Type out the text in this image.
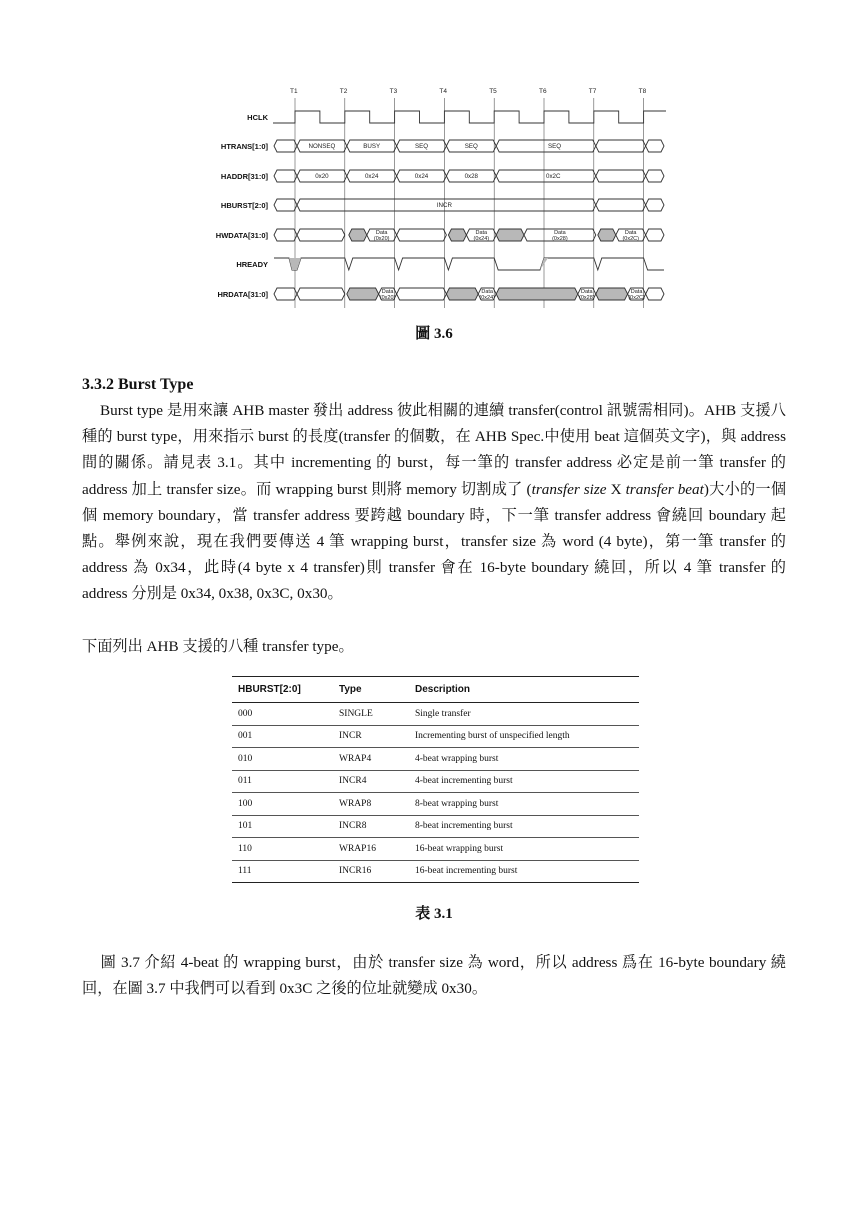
T1	T2	T3	T4	T5	T6	T7	T8
HCLK
HTRANS[1:0]
HADDR[31:0]
HBURST[2:0]
HWDATA[31:0]
HREADY
HRDATA[31:0]
NONSEQ	BUSY	SEQ	SEQ	SEQ
0x20	0x24	0x24	0x28	0x2C
INCR
Data
(0x20)
Data
(0x24)
Data
(0x28)
Data
(0x2C)
Data
(0x20)
Data
(0x24)
Data
(0x28)
Data
(0x2C)
圖 3.6
3.3.2 Burst Type

Burst type 是用來讓 AHB master 發出 address 彼此相關的連續 transfer(control 訊號需相同)。AHB 支援八種的 burst type，用來指示 burst 的長度(transfer 的個數，在 AHB Spec.中使用 beat 這個英文字)，與 address 間的關係。請見表 3.1。其中 incrementing 的 burst，每一筆的 transfer address 必定是前一筆 transfer 的 address 加上 transfer size。而 wrapping burst 則將 memory 切割成了 (transfer size X transfer beat)大小的一個個 memory boundary，當 transfer address 要跨越 boundary 時，下一筆 transfer address 會繞回 boundary 起點。舉例來說，現在我們要傳送 4 筆 wrapping burst，transfer size 為 word (4 byte)，第一筆 transfer 的 address 為 0x34，此時(4 byte x 4 transfer)則 transfer 會在 16-byte boundary 繞回，所以 4 筆 transfer 的 address 分別是 0x34, 0x38, 0x3C, 0x30。

下面列出 AHB 支援的八種 transfer type。

HBURST[2:0]	Type	Description
000	SINGLE	Single transfer
001	INCR	Incrementing burst of unspecified length
010	WRAP4	4-beat wrapping burst
011	INCR4	4-beat incrementing burst
100	WRAP8	8-beat wrapping burst
101	INCR8	8-beat incrementing burst
110	WRAP16	16-beat wrapping burst
111	INCR16	16-beat incrementing burst
表 3.1

圖 3.7 介紹 4-beat 的 wrapping burst，由於 transfer size 為 word，所以 address 爲在 16-byte boundary 繞回，在圖 3.7 中我們可以看到 0x3C 之後的位址就變成 0x30。
